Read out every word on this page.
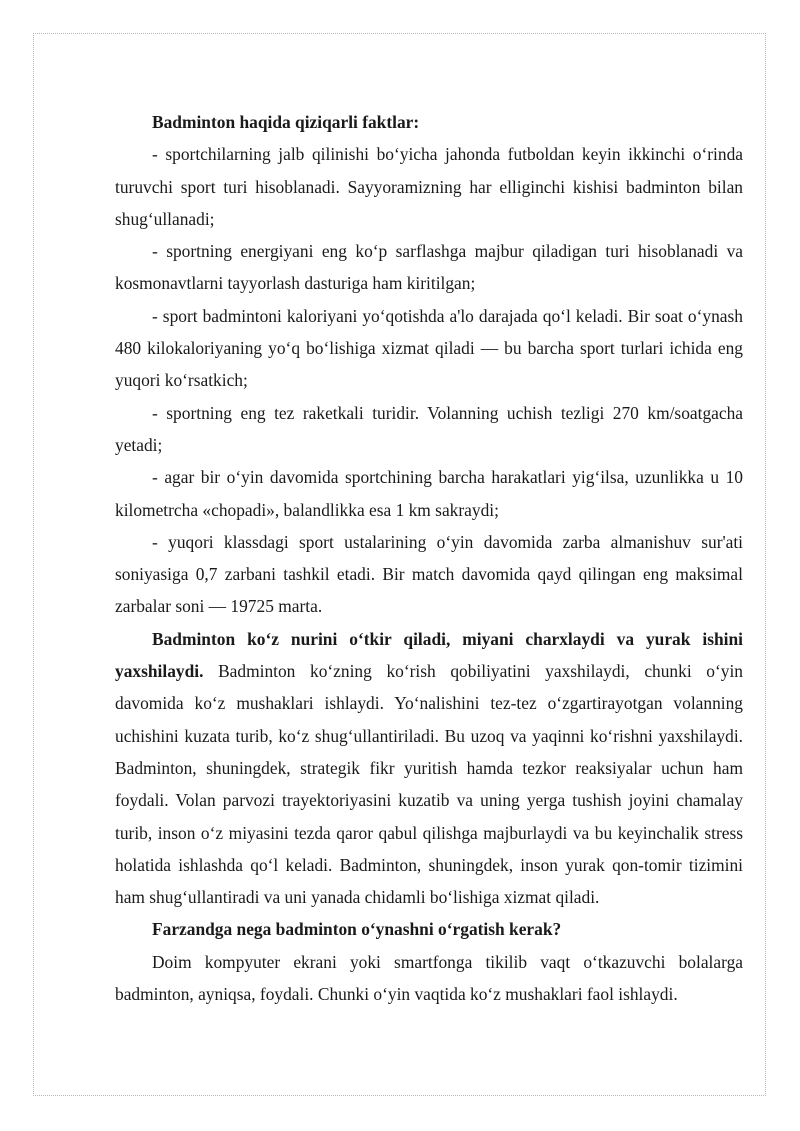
Badminton haqida qiziqarli faktlar:

- sportchilarning jalb qilinishi bo‘yicha jahonda futboldan keyin ikkinchi o‘rinda turuvchi sport turi hisoblanadi. Sayyoramizning har elliginchi kishisi badminton bilan shug‘ullanadi;

- sportning energiyani eng ko‘p sarflashga majbur qiladigan turi hisoblanadi va kosmonavtlarni tayyorlash dasturiga ham kiritilgan;

- sport badmintoni kaloriyani yo‘qotishda a'lo darajada qo‘l keladi. Bir soat o‘ynash 480 kilokaloriyaning yo‘q bo‘lishiga xizmat qiladi — bu barcha sport turlari ichida eng yuqori ko‘rsatkich;

- sportning eng tez raketkali turidir. Volanning uchish tezligi 270 km/soatgacha yetadi;

- agar bir o‘yin davomida sportchining barcha harakatlari yig‘ilsa, uzunlikka u 10 kilometrcha «chopadi», balandlikka esa 1 km sakraydi;

- yuqori klassdagi sport ustalarining o‘yin davomida zarba almanishuv sur'ati soniyasiga 0,7 zarbani tashkil etadi. Bir match davomida qayd qilingan eng maksimal zarbalar soni — 19725 marta.

Badminton ko‘z nurini o‘tkir qiladi, miyani charxlaydi va yurak ishini yaxshilaydi. Badminton ko‘zning ko‘rish qobiliyatini yaxshilaydi, chunki o‘yin davomida ko‘z mushaklari ishlaydi. Yo‘nalishini tez-tez o‘zgartirayotgan volanning uchishini kuzata turib, ko‘z shug‘ullantiriladi. Bu uzoq va yaqinni ko‘rishni yaxshilaydi. Badminton, shuningdek, strategik fikr yuritish hamda tezkor reaksiyalar uchun ham foydali. Volan parvozi trayektoriyasini kuzatib va uning yerga tushish joyini chamalay turib, inson o‘z miyasini tezda qaror qabul qilishga majburlaydi va bu keyinchalik stress holatida ishlashda qo‘l keladi. Badminton, shuningdek, inson yurak qon-tomir tizimini ham shug‘ullantiradi va uni yanada chidamli bo‘lishiga xizmat qiladi.

Farzandga nega badminton o‘ynashni o‘rgatish kerak?

Doim kompyuter ekrani yoki smartfonga tikilib vaqt o‘tkazuvchi bolalarga badminton, ayniqsa, foydali. Chunki o‘yin vaqtida ko‘z mushaklari faol ishlaydi.
